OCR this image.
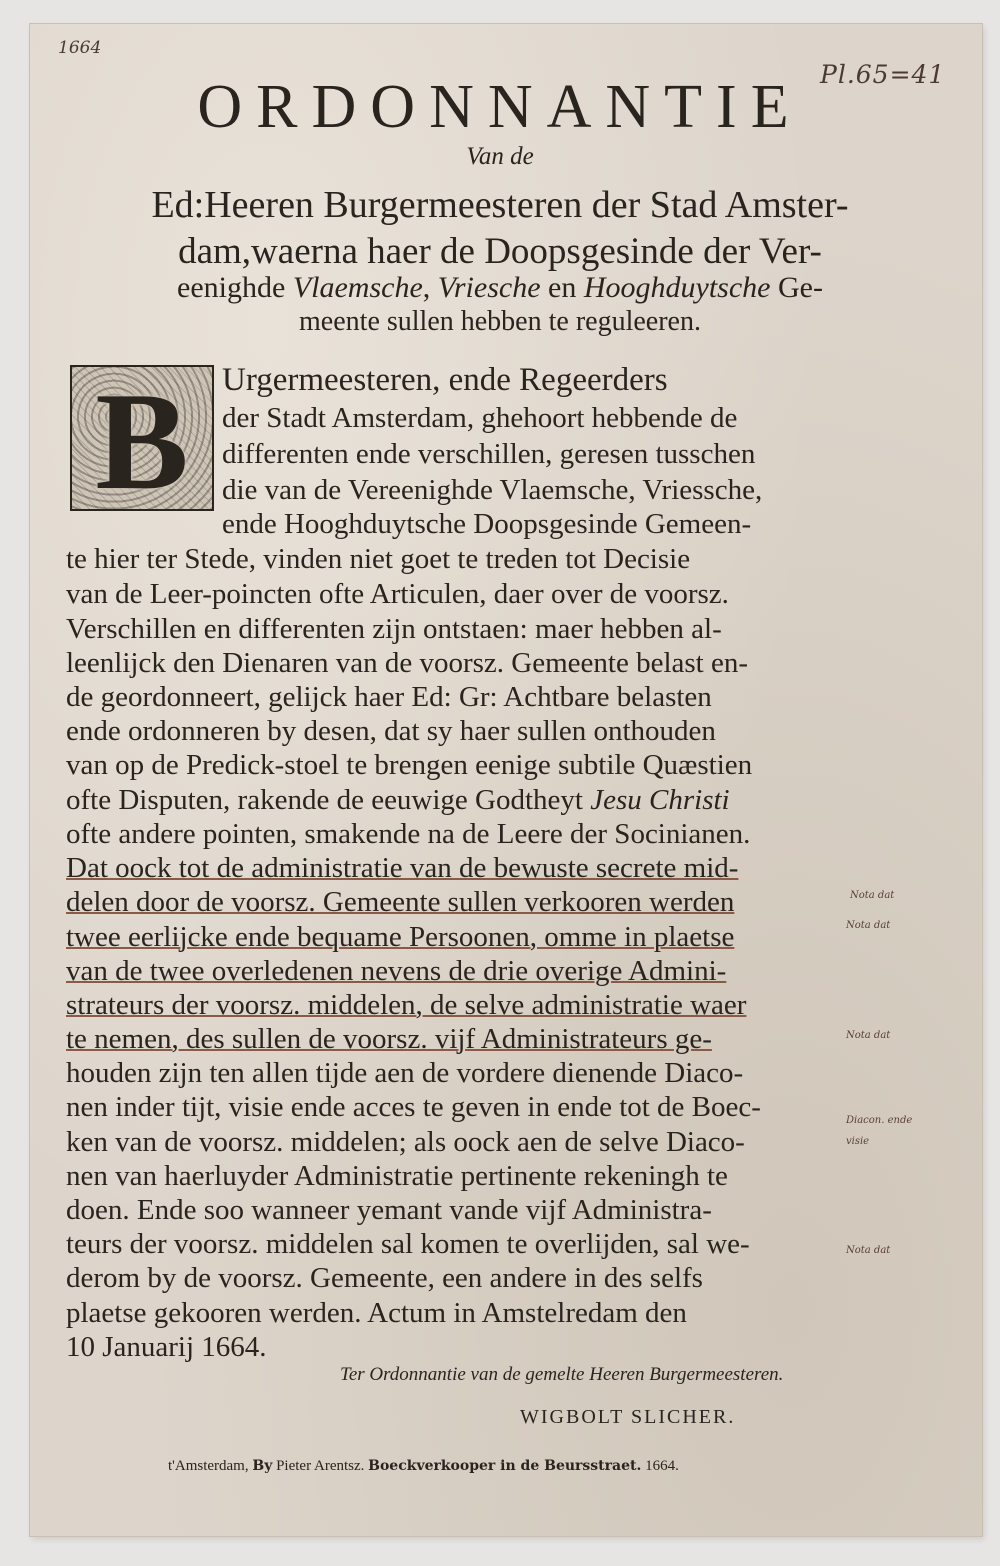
1664
Pl.65=41
ORDONNANTIE
Van de
Ed:Heeren Burgermeesteren der Stad Amster-
dam,waerna haer de Doopsgesinde der Ver-
eenighde Vlaemsche, Vriesche en Hooghduytsche Ge-
meente sullen hebben te reguleeren.
B	Urgermeesteren, ende Regeerders
der Stadt Amsterdam, ghehoort hebbende de
differenten ende verschillen, geresen tusschen
die van de Vereenighde Vlaemsche, Vriessche,
ende Hooghduytsche Doopsgesinde Gemeen-
te hier ter Stede, vinden niet goet te treden tot Decisie
van de Leer-poincten ofte Articulen, daer over de voorsz.
Verschillen en differenten zijn ontstaen: maer hebben al-
leenlijck den Dienaren van de voorsz. Gemeente belast en-
de geordonneert, gelijck haer Ed: Gr: Achtbare belasten
ende ordonneren by desen, dat sy haer sullen onthouden
van op de Predick-stoel te brengen eenige subtile Quæstien
ofte Disputen, rakende de eeuwige Godtheyt Jesu Christi
ofte andere pointen, smakende na de Leere der Socinianen.
Dat oock tot de administratie van de bewuste secrete mid-
delen door de voorsz. Gemeente sullen verkooren werden
twee eerlijcke ende bequame Persoonen, omme in plaetse
van de twee overledenen nevens de drie overige Admini-
strateurs der voorsz. middelen, de selve administratie waer
te nemen, des sullen de voorsz. vijf Administrateurs ge-
houden zijn ten allen tijde aen de vordere dienende Diaco-
nen inder tijt, visie ende acces te geven in ende tot de Boec-
ken van de voorsz. middelen; als oock aen de selve Diaco-
nen van haerluyder Administratie pertinente rekeningh te
doen. Ende soo wanneer yemant vande vijf Administra-
teurs der voorsz. middelen sal komen te overlijden, sal we-
derom by de voorsz. Gemeente, een andere in des selfs
plaetse gekooren werden. Actum in Amstelredam den
10 Januarij 1664.
Nota dat
Nota dat
Nota dat
Diacon. ende
visie
Nota dat
Ter Ordonnantie van de gemelte Heeren Burgermeesteren.
WIGBOLT SLICHER.
t'Amsterdam, By Pieter Arentsz. Boeckverkooper in de Beursstraet. 1664.
